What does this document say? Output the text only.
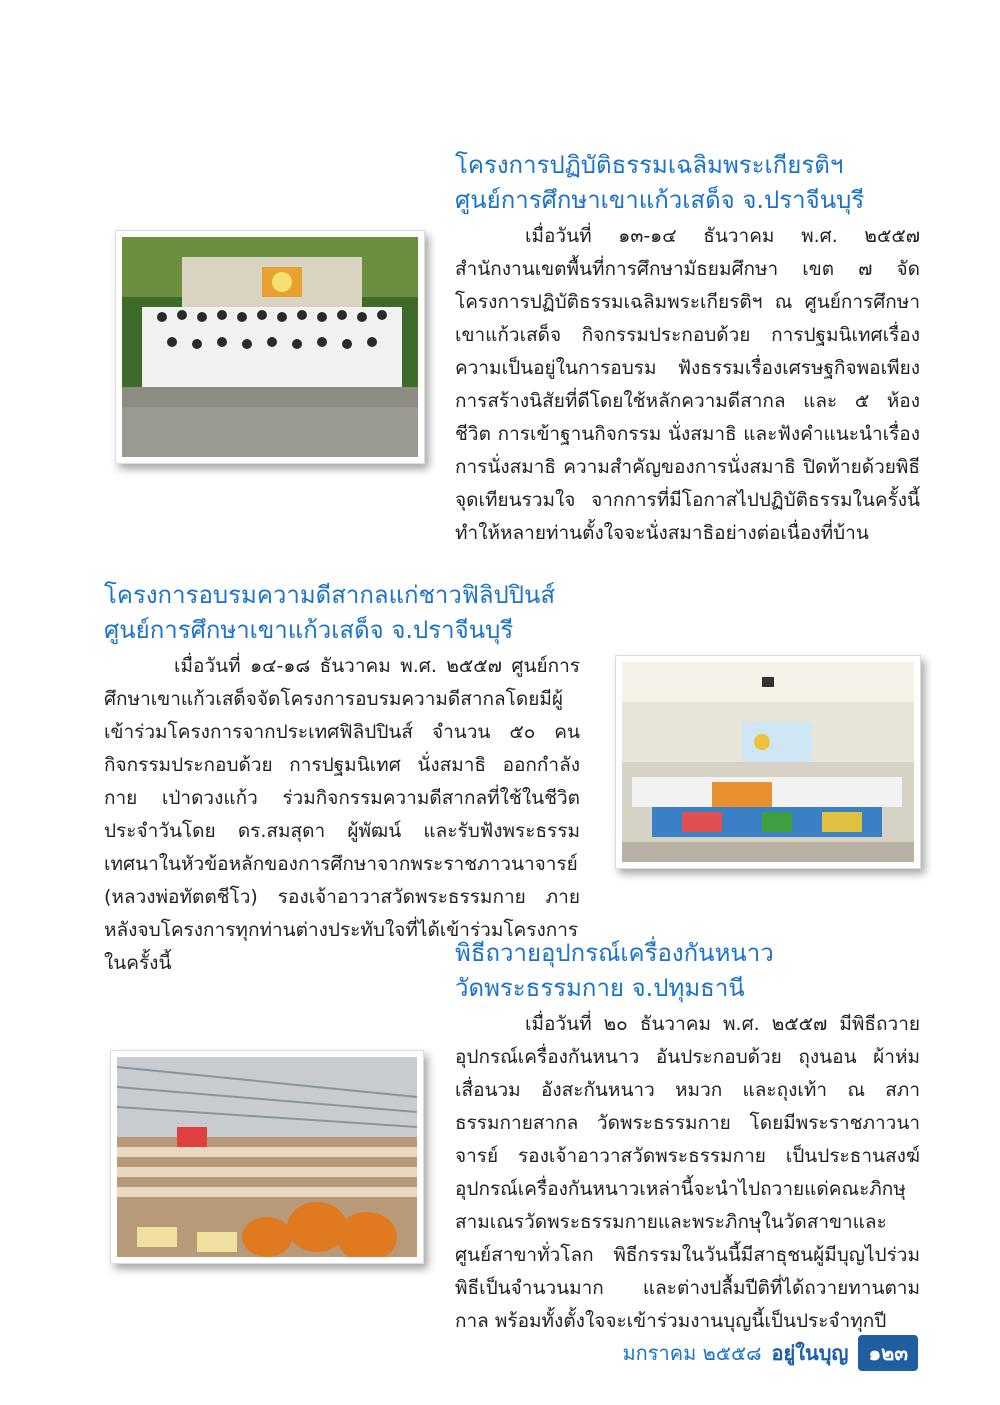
โครงการปฏิบัติธรรมเฉลิมพระเกียรติฯ
ศูนย์การศึกษาเขาแก้วเสด็จ จ.ปราจีนบุรี
เมื่อวันที่ ๑๓-๑๔ ธันวาคม พ.ศ. ๒๕๕๗ สำนักงานเขตพื้นที่การศึกษามัธยมศึกษา เขต ๗ จัดโครงการปฏิบัติธรรมเฉลิมพระเกียรติฯ ณ ศูนย์การศึกษาเขาแก้วเสด็จ กิจกรรมประกอบด้วย การปฐมนิเทศเรื่องความเป็นอยู่ในการอบรม ฟังธรรมเรื่องเศรษฐกิจพอเพียง การสร้างนิสัยที่ดีโดยใช้หลักความดีสากล และ ๕ ห้องชีวิต การเข้าฐานกิจกรรม นั่งสมาธิ และฟังคำแนะนำเรื่องการนั่งสมาธิ ความสำคัญของการนั่งสมาธิ ปิดท้ายด้วยพิธีจุดเทียนรวมใจ จากการที่มีโอกาสไปปฏิบัติธรรมในครั้งนี้ ทำให้หลายท่านตั้งใจจะนั่งสมาธิอย่างต่อเนื่องที่บ้าน
โครงการอบรมความดีสากลแก่ชาวฟิลิปปินส์
ศูนย์การศึกษาเขาแก้วเสด็จ จ.ปราจีนบุรี
เมื่อวันที่ ๑๔-๑๘ ธันวาคม พ.ศ. ๒๕๕๗ ศูนย์การศึกษาเขาแก้วเสด็จจัดโครงการอบรมความดีสากลโดยมีผู้เข้าร่วมโครงการจากประเทศฟิลิปปินส์ จำนวน ๕๐ คน กิจกรรมประกอบด้วย การปฐมนิเทศ นั่งสมาธิ ออกกำลังกาย เป่าดวงแก้ว ร่วมกิจกรรมความดีสากลที่ใช้ในชีวิตประจำวันโดย ดร.สมสุดา ผู้พัฒน์ และรับฟังพระธรรมเทศนาในหัวข้อหลักของการศึกษาจากพระราชภาวนาจารย์ (หลวงพ่อทัตตชีโว) รองเจ้าอาวาสวัดพระธรรมกาย ภายหลังจบโครงการทุกท่านต่างประทับใจที่ได้เข้าร่วมโครงการในครั้งนี้	พิธีถวายอุปกรณ์เครื่องกันหนาว
วัดพระธรรมกาย จ.ปทุมธานี
เมื่อวันที่ ๒๐ ธันวาคม พ.ศ. ๒๕๕๗ มีพิธีถวายอุปกรณ์เครื่องกันหนาว อันประกอบด้วย ถุงนอน ผ้าห่ม เสื่อนวม อังสะกันหนาว หมวก และถุงเท้า ณ สภาธรรมกายสากล วัดพระธรรมกาย โดยมีพระราชภาวนาจารย์ รองเจ้าอาวาสวัดพระธรรมกาย เป็นประธานสงฆ์ อุปกรณ์เครื่องกันหนาวเหล่านี้จะนำไปถวายแด่คณะภิกษุสามเณรวัดพระธรรมกายและพระภิกษุในวัดสาขาและศูนย์สาขาทั่วโลก พิธีกรรมในวันนี้มีสาธุชนผู้มีบุญไปร่วมพิธีเป็นจำนวนมาก และต่างปลื้มปีติที่ได้ถวายทานตามกาล พร้อมทั้งตั้งใจจะเข้าร่วมงานบุญนี้เป็นประจำทุกปี
มกราคม ๒๕๕๘ อยู่ในบุญ	๑๒๓
